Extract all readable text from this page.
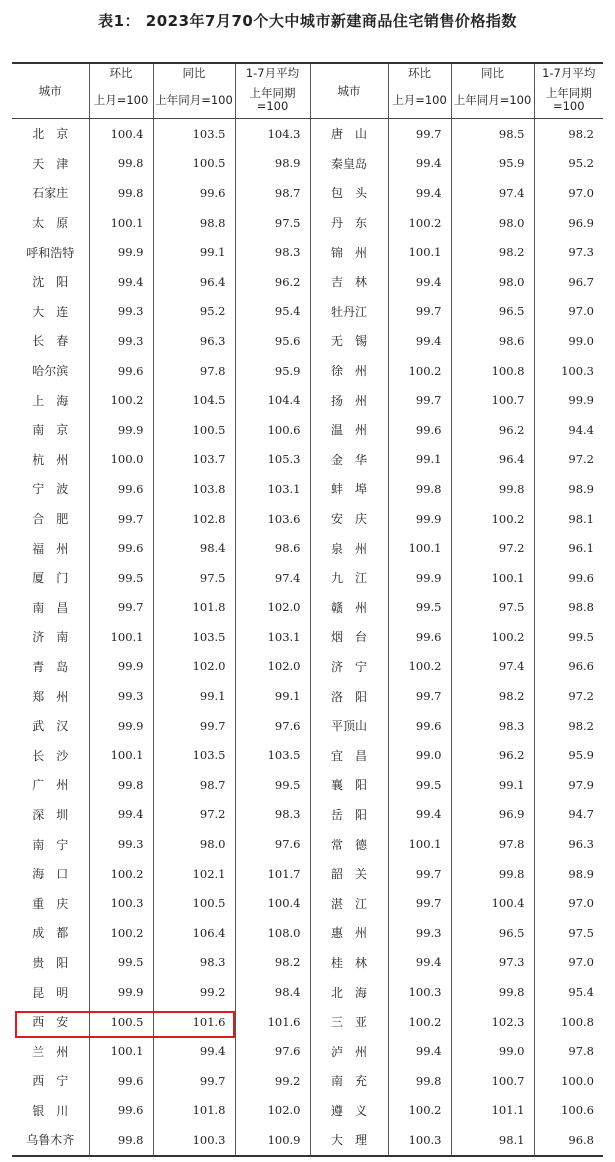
表1： 2023年7月70个大中城市新建商品住宅销售价格指数
城市	环比	同比	1-7月平均	城市	环比	同比	1-7月平均
	上月=100	上年同月=100	上年同期=100		上月=100	上年同月=100	上年同期=100
北　京	100.4	103.5	104.3	唐　山	99.7	98.5	98.2
天　津	99.8	100.5	98.9	秦皇岛	99.4	95.9	95.2
石家庄	99.8	99.6	98.7	包　头	99.4	97.4	97.0
太　原	100.1	98.8	97.5	丹　东	100.2	98.0	96.9
呼和浩特	99.9	99.1	98.3	锦　州	100.1	98.2	97.3
沈　阳	99.4	96.4	96.2	吉　林	99.4	98.0	96.7
大　连	99.3	95.2	95.4	牡丹江	99.7	96.5	97.0
长　春	99.3	96.3	95.6	无　锡	99.4	98.6	99.0
哈尔滨	99.6	97.8	95.9	徐　州	100.2	100.8	100.3
上　海	100.2	104.5	104.4	扬　州	99.7	100.7	99.9
南　京	99.9	100.5	100.6	温　州	99.6	96.2	94.4
杭　州	100.0	103.7	105.3	金　华	99.1	96.4	97.2
宁　波	99.6	103.8	103.1	蚌　埠	99.8	99.8	98.9
合　肥	99.7	102.8	103.6	安　庆	99.9	100.2	98.1
福　州	99.6	98.4	98.6	泉　州	100.1	97.2	96.1
厦　门	99.5	97.5	97.4	九　江	99.9	100.1	99.6
南　昌	99.7	101.8	102.0	赣　州	99.5	97.5	98.8
济　南	100.1	103.5	103.1	烟　台	99.6	100.2	99.5
青　岛	99.9	102.0	102.0	济　宁	100.2	97.4	96.6
郑　州	99.3	99.1	99.1	洛　阳	99.7	98.2	97.2
武　汉	99.9	99.7	97.6	平顶山	99.6	98.3	98.2
长　沙	100.1	103.5	103.5	宜　昌	99.0	96.2	95.9
广　州	99.8	98.7	99.5	襄　阳	99.5	99.1	97.9
深　圳	99.4	97.2	98.3	岳　阳	99.4	96.9	94.7
南　宁	99.3	98.0	97.6	常　德	100.1	97.8	96.3
海　口	100.2	102.1	101.7	韶　关	99.7	99.8	98.9
重　庆	100.3	100.5	100.4	湛　江	99.7	100.4	97.0
成　都	100.2	106.4	108.0	惠　州	99.3	96.5	97.5
贵　阳	99.5	98.3	98.2	桂　林	99.4	97.3	97.0
昆　明	99.9	99.2	98.4	北　海	100.3	99.8	95.4
西　安	100.5	101.6	101.6	三　亚	100.2	102.3	100.8
兰　州	100.1	99.4	97.6	泸　州	99.4	99.0	97.8
西　宁	99.6	99.7	99.2	南　充	99.8	100.7	100.0
银　川	99.6	101.8	102.0	遵　义	100.2	101.1	100.6
乌鲁木齐	99.8	100.3	100.9	大　理	100.3	98.1	96.8
